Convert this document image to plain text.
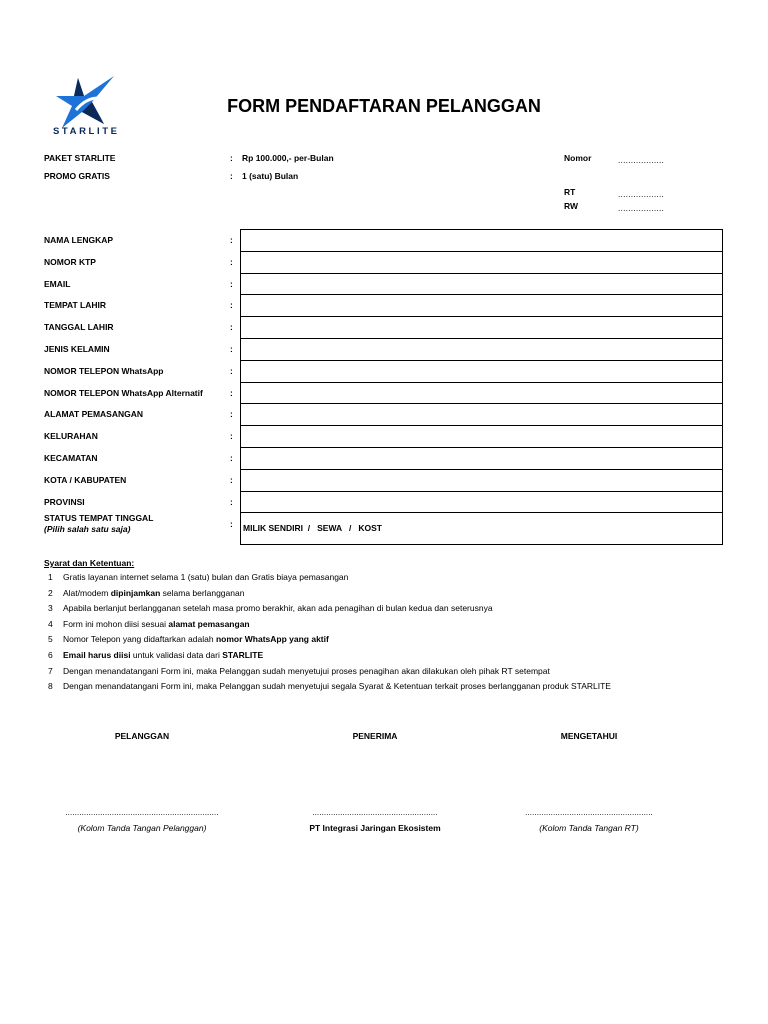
STARLITE
FORM PENDAFTARAN PELANGGAN
PAKET STARLITE	: Rp 100.000,- per-Bulan
PROMO GRATIS	: 1 (satu) Bulan
Nomor	..................
RT	..................
RW	..................
NAMA LENGKAP	:
NOMOR KTP	:
EMAIL	:
TEMPAT LAHIR	:
TANGGAL LAHIR	:
JENIS KELAMIN	:
NOMOR TELEPON WhatsApp	:
NOMOR TELEPON WhatsApp Alternatif	:
ALAMAT PEMASANGAN	:
KELURAHAN	:
KECAMATAN	:
KOTA / KABUPATEN	:
PROVINSI	:
STATUS TEMPAT TINGGAL
(Pilih salah satu saja)	: MILIK SENDIRI  /   SEWA   /   KOST
Syarat dan Ketentuan:
1 Gratis layanan internet selama 1 (satu) bulan dan Gratis biaya pemasangan
2 Alat/modem dipinjamkan selama berlangganan
3 Apabila berlanjut berlangganan setelah masa promo berakhir, akan ada penagihan di bulan kedua dan seterusnya
4 Form ini mohon diisi sesuai alamat pemasangan
5 Nomor Telepon yang didaftarkan adalah nomor WhatsApp yang aktif
6 Email harus diisi untuk validasi data dari STARLITE
7 Dengan menandatangani Form ini, maka Pelanggan sudah menyetujui proses penagihan akan dilakukan oleh pihak RT setempat
8 Dengan menandatangani Form ini, maka Pelanggan sudah menyetujui segala Syarat & Ketentuan terkait proses berlangganan produk STARLITE
PELANGGAN	PENERIMA	MENGETAHUI
..................................................................	......................................................	.......................................................
(Kolom Tanda Tangan Pelanggan)	PT Integrasi Jaringan Ekosistem	(Kolom Tanda Tangan RT)
